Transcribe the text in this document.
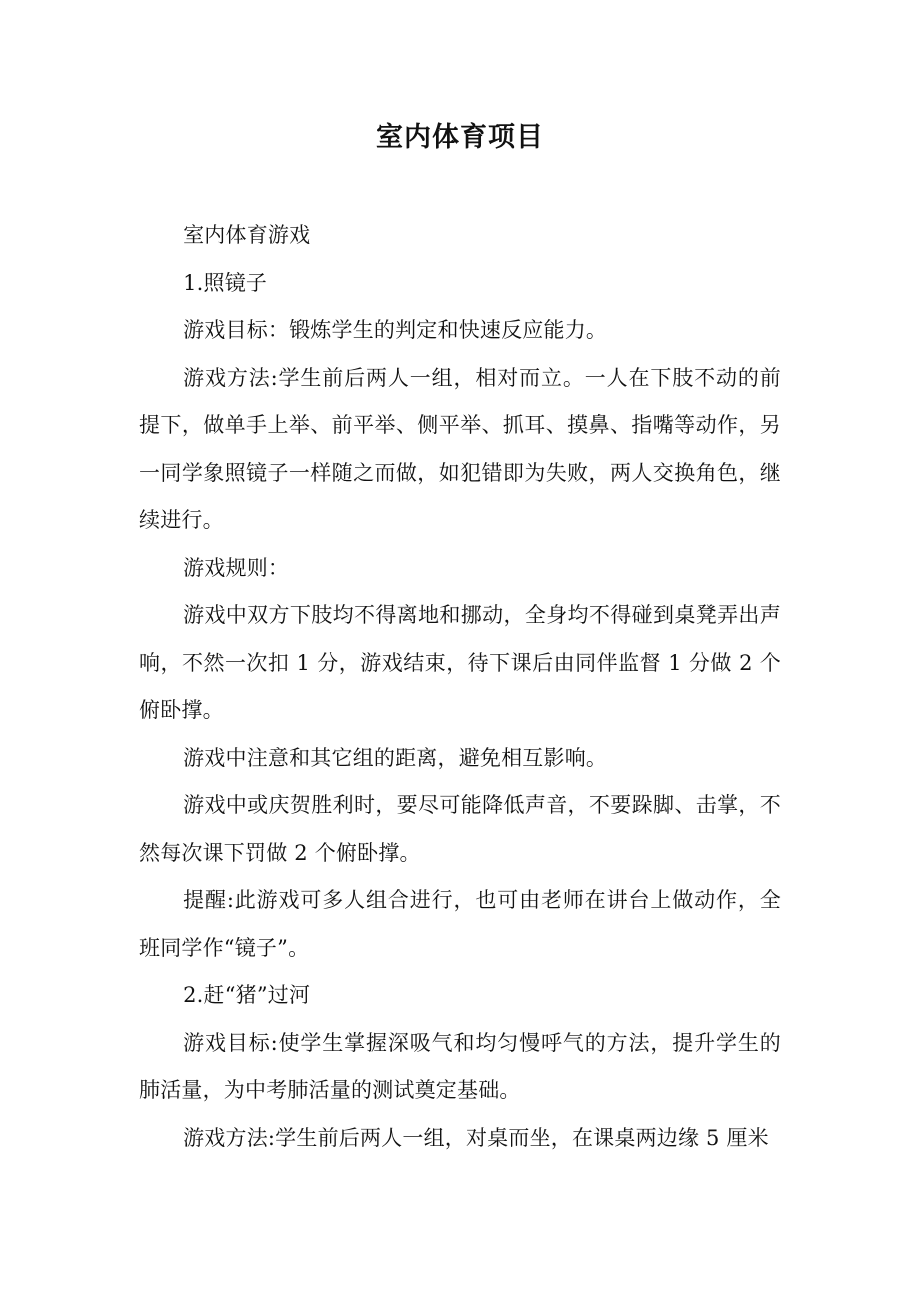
室内体育项目

室内体育游戏

1.照镜子

游戏目标：锻炼学生的判定和快速反应能力。

游戏方法:学生前后两人一组，相对而立。一人在下肢不动的前提下，做单手上举、前平举、侧平举、抓耳、摸鼻、指嘴等动作，另一同学象照镜子一样随之而做，如犯错即为失败，两人交换角色，继续进行。

游戏规则：

游戏中双方下肢均不得离地和挪动，全身均不得碰到桌凳弄出声响，不然一次扣 1 分，游戏结束，待下课后由同伴监督 1 分做 2 个俯卧撑。

游戏中注意和其它组的距离，避免相互影响。

游戏中或庆贺胜利时，要尽可能降低声音，不要跺脚、击掌，不然每次课下罚做 2 个俯卧撑。

提醒:此游戏可多人组合进行，也可由老师在讲台上做动作，全班同学作“镜子”。

2.赶“猪”过河

游戏目标:使学生掌握深吸气和均匀慢呼气的方法，提升学生的肺活量，为中考肺活量的测试奠定基础。

游戏方法:学生前后两人一组，对桌而坐，在课桌两边缘 5 厘米
